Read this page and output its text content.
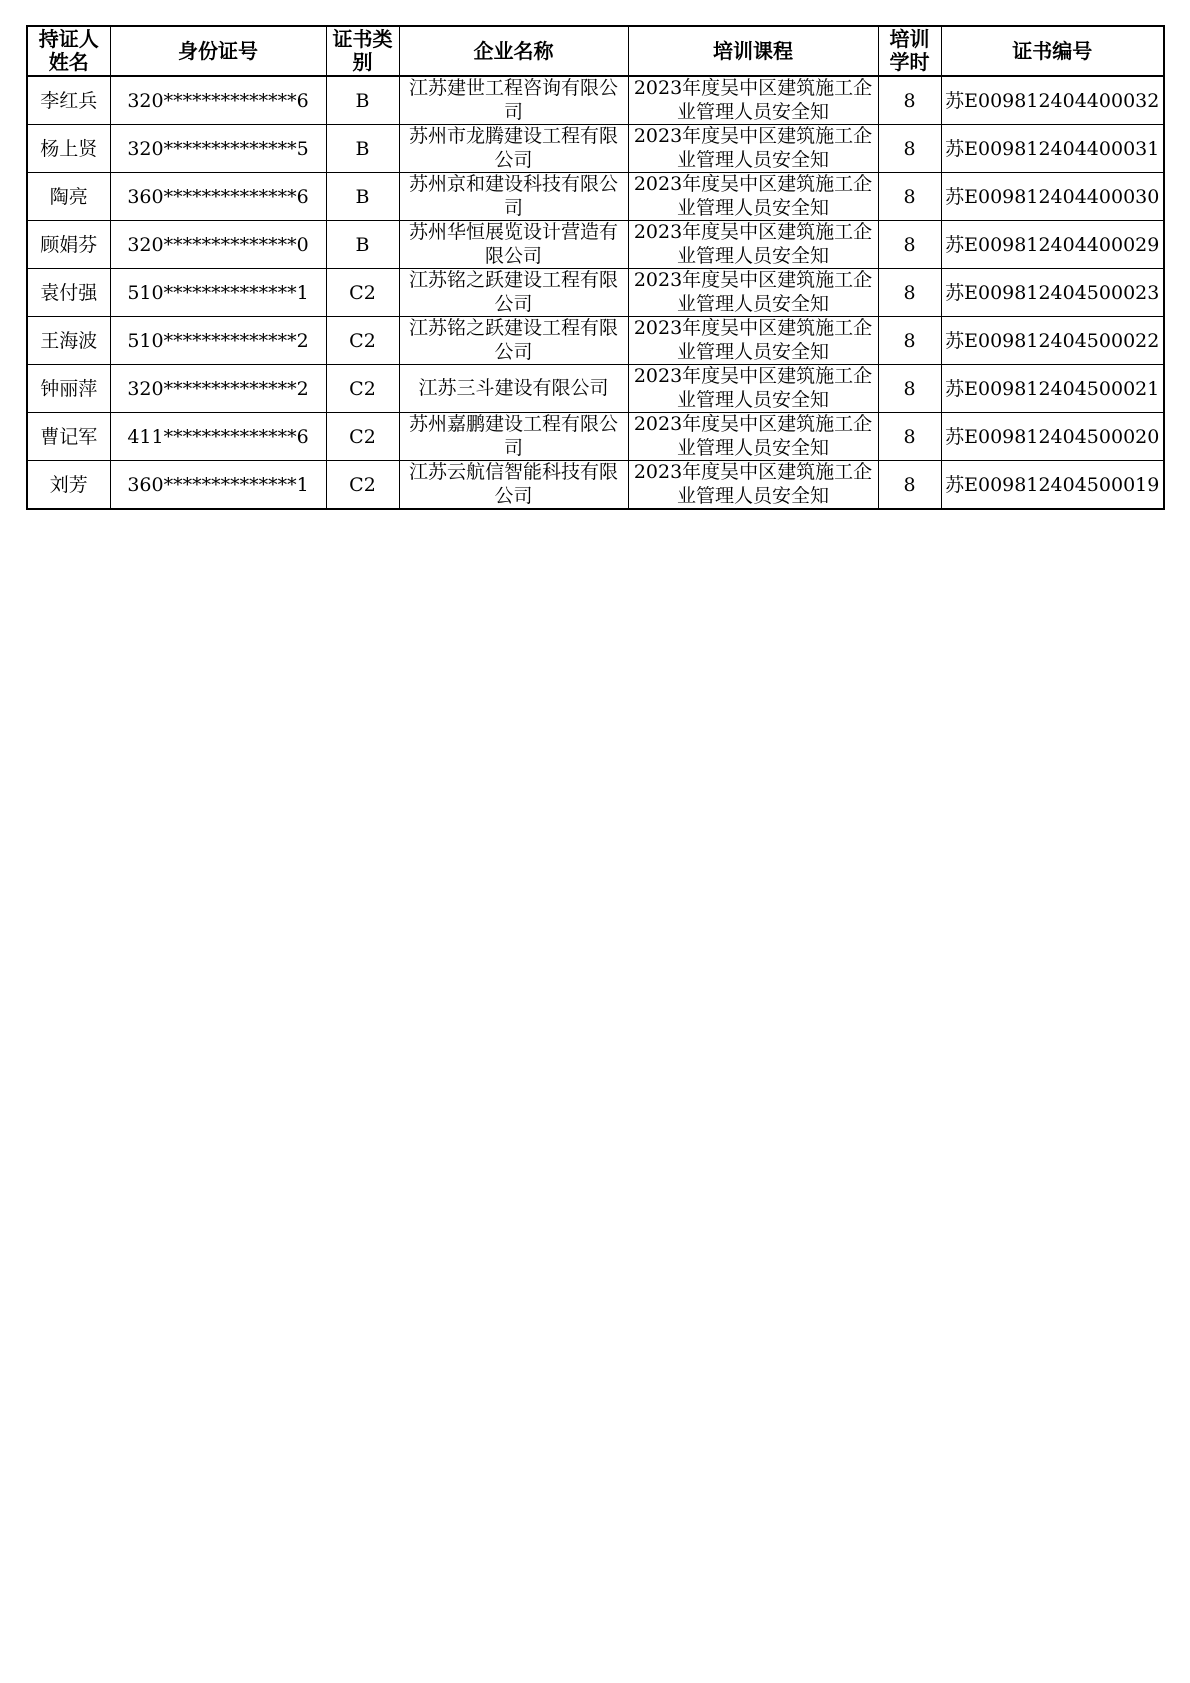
持证人姓名	身份证号	证书类别	企业名称	培训课程	培训学时	证书编号
李红兵	320**************6	B	江苏建世工程咨询有限公司	2023年度吴中区建筑施工企业管理人员安全知	8	苏E009812404400032
杨上贤	320**************5	B	苏州市龙腾建设工程有限公司	2023年度吴中区建筑施工企业管理人员安全知	8	苏E009812404400031
陶亮	360**************6	B	苏州京和建设科技有限公司	2023年度吴中区建筑施工企业管理人员安全知	8	苏E009812404400030
顾娟芬	320**************0	B	苏州华恒展览设计营造有限公司	2023年度吴中区建筑施工企业管理人员安全知	8	苏E009812404400029
袁付强	510**************1	C2	江苏铭之跃建设工程有限公司	2023年度吴中区建筑施工企业管理人员安全知	8	苏E009812404500023
王海波	510**************2	C2	江苏铭之跃建设工程有限公司	2023年度吴中区建筑施工企业管理人员安全知	8	苏E009812404500022
钟丽萍	320**************2	C2	江苏三斗建设有限公司	2023年度吴中区建筑施工企业管理人员安全知	8	苏E009812404500021
曹记军	411**************6	C2	苏州嘉鹏建设工程有限公司	2023年度吴中区建筑施工企业管理人员安全知	8	苏E009812404500020
刘芳	360**************1	C2	江苏云航信智能科技有限公司	2023年度吴中区建筑施工企业管理人员安全知	8	苏E009812404500019
